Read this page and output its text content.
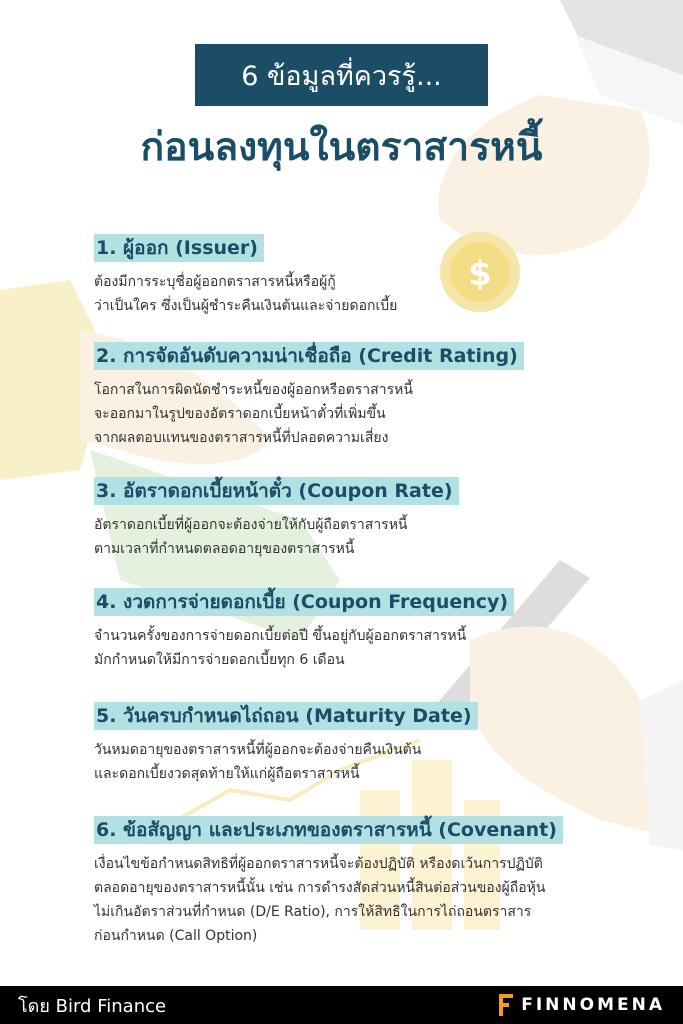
$
6 ข้อมูลที่ควรรู้...
ก่อนลงทุนในตราสารหนี้
1. ผู้ออก (Issuer)
ต้องมีการระบุชื่อผู้ออกตราสารหนี้หรือผู้กู้
ว่าเป็นใคร ซึ่งเป็นผู้ชำระคืนเงินต้นและจ่ายดอกเบี้ย
2. การจัดอันดับความน่าเชื่อถือ (Credit Rating)
โอกาสในการผิดนัดชำระหนี้ของผู้ออกหรือตราสารหนี้
จะออกมาในรูปของอัตราดอกเบี้ยหน้าตั๋วที่เพิ่มขึ้น
จากผลตอบแทนของตราสารหนี้ที่ปลอดความเสี่ยง
3. อัตราดอกเบี้ยหน้าตั๋ว (Coupon Rate)
อัตราดอกเบี้ยที่ผู้ออกจะต้องจ่ายให้กับผู้ถือตราสารหนี้
ตามเวลาที่กำหนดตลอดอายุของตราสารหนี้
4. งวดการจ่ายดอกเบี้ย (Coupon Frequency)
จำนวนครั้งของการจ่ายดอกเบี้ยต่อปี ขึ้นอยู่กับผู้ออกตราสารหนี้
มักกำหนดให้มีการจ่ายดอกเบี้ยทุก 6 เดือน
5. วันครบกำหนดไถ่ถอน (Maturity Date)
วันหมดอายุของตราสารหนี้ที่ผู้ออกจะต้องจ่ายคืนเงินต้น
และดอกเบี้ยงวดสุดท้ายให้แก่ผู้ถือตราสารหนี้
6. ข้อสัญญา และประเภทของตราสารหนี้ (Covenant)
เงื่อนไขข้อกำหนดสิทธิที่ผู้ออกตราสารหนี้จะต้องปฏิบัติ หรืองดเว้นการปฏิบัติ
ตลอดอายุของตราสารหนี้นั้น เช่น การดำรงสัดส่วนหนี้สินต่อส่วนของผู้ถือหุ้น
ไม่เกินอัตราส่วนที่กำหนด (D/E Ratio), การให้สิทธิในการไถ่ถอนตราสาร
ก่อนกำหนด (Call Option)
โดย Bird Finance	FINNOMENA
